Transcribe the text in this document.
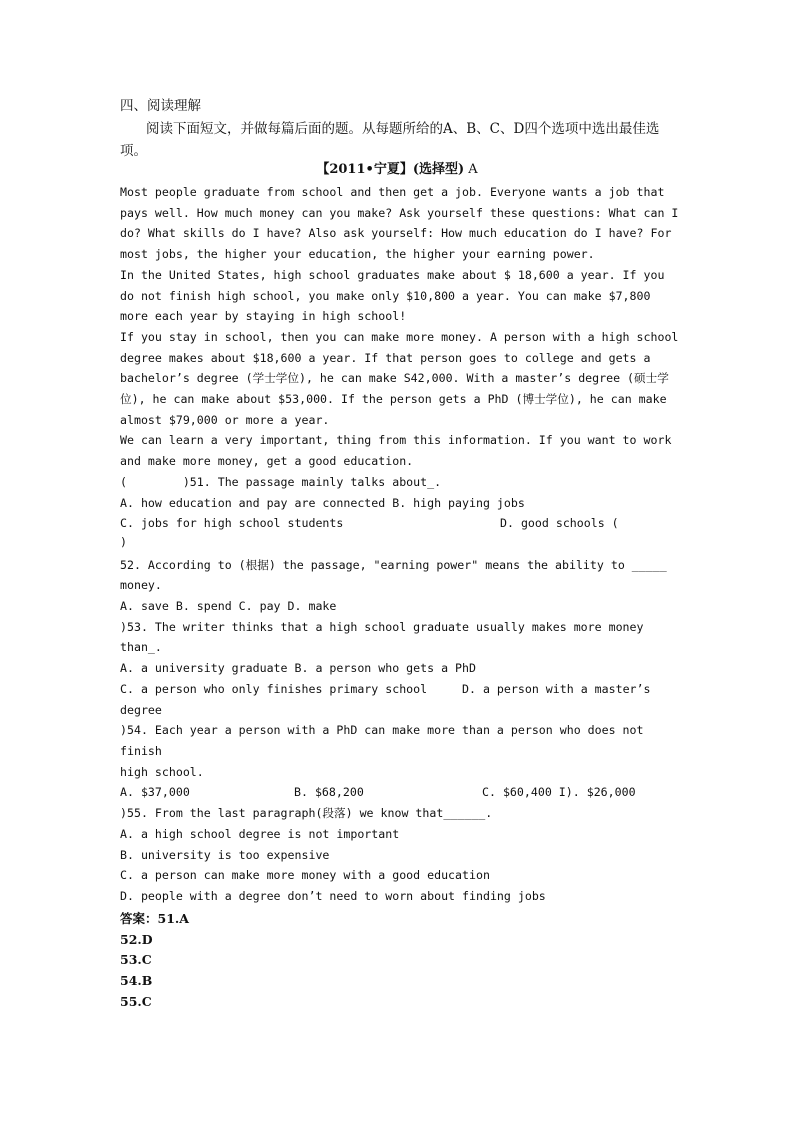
四、阅读理解

阅读下面短文，并做每篇后面的题。从每题所给的A、B、C、D四个选项中选出最佳选项。

【2011•宁夏】(选择型) A

Most people graduate from school and then get a job. Everyone wants a job that pays well. How much money can you make? Ask yourself these questions: What can I do? What skills do I have? Also ask yourself: How much education do I have? For most jobs, the higher your education, the higher your earning power.

In the United States, high school graduates make about $ 18,600 a year. If you do not finish high school, you make only $10,800 a year. You can make $7,800 more each year by staying in high school!

If you stay in school, then you can make more money. A person with a high school degree makes about $18,600 a year. If that person goes to college and gets a bachelor’s degree (学士学位), he can make S42,000. With a master’s degree (硕士学位), he can make about $53,000. If the person gets a PhD (博士学位), he can make almost $79,000 or more a year.

We can learn a very important, thing from this information. If you want to work and make more money, get a good education.

(        )51. The passage mainly talks about_.

A. how education and pay are connected B. high paying jobs

C. jobs for high school students	D. good schools (

)

52. According to (根据) the passage, "earning power" means the ability to _____ money.

A. save B. spend C. pay D. make

)53. The writer thinks that a high school graduate usually makes more money than_.

A. a university graduate B. a person who gets a PhD

C. a person who only finishes primary school	D. a person with a master’s degree

)54. Each year a person with a PhD can make more than a person who does not finish

high school.

A. $37,000	B. $68,200	C. $60,400
I). $26,000

)55. From the last paragraph(段落) we know that______.

A. a high school degree is not important

B. university is too expensive

C. a person can make more money with a good education

D. people with a degree don’t need to worn about finding jobs

答案：51.A
52.D
53.C
54.B
55.C
